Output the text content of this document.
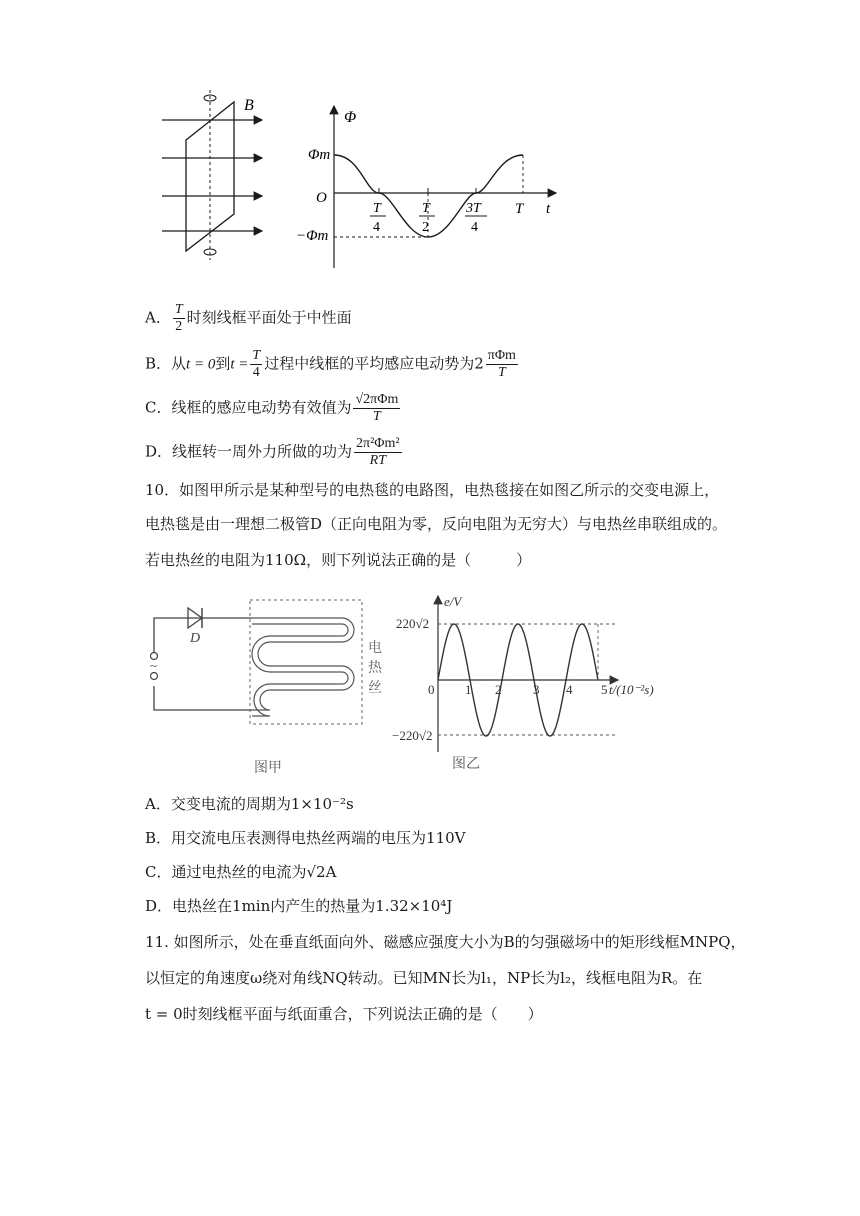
B
Φ
t
O
Φm
−Φm
T
4
T
2
3T
4
T
A． $\frac{T}{2}$ 时刻线框平面处于中性面
B．从t = 0到$t = \frac{T}{4}$ 过程中线框的平均感应电动势为$2 \frac{\text{πΦm}}{T}$
C．线框的感应电动势有效值为 $\frac{\text{√2πΦm}}{T}$
D．线框转一周外力所做的功为 $\frac{\text{2π²Φm²}}{RT}$
10．如图甲所示是某种型号的电热毯的电路图，电热毯接在如图乙所示的交变电源上，
电热毯是由一理想二极管D（正向电阻为零，反向电阻为无穷大）与电热丝串联组成的。
若电热丝的电阻为110Ω，则下列说法正确的是（　　　）
~
D
电
热
丝
图甲
e/V
220√2
−220√2
t/(10⁻²s)
0 1 2 3 4 5
图乙
A．交变电流的周期为1×10⁻²s
B．用交流电压表测得电热丝两端的电压为110V
C．通过电热丝的电流为√2A
D．电热丝在1min内产生的热量为1.32×10⁴J
11. 如图所示，处在垂直纸面向外、磁感应强度大小为B的匀强磁场中的矩形线框MNPQ，
以恒定的角速度ω绕对角线NQ转动。已知MN长为l₁，NP长为l₂，线框电阻为R。在
t = 0时刻线框平面与纸面重合，下列说法正确的是（　　）
